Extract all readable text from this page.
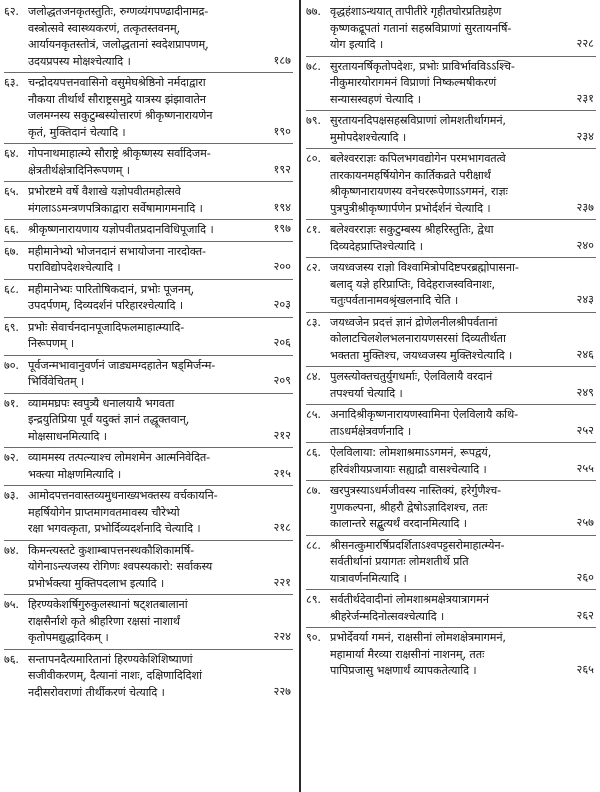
६२. जलोद्धतजनकृतस्तुतिः, रुग्णव्यंगपण्ढादीनामद्र-
वस्त्रोत्सवे स्वास्थ्यकरणं, तत्कृतस्तवनम्,
आर्यायनकृतस्तोत्रं, जलोद्धतानां स्वदेशप्रापणम्,
उदयप्रपस्य मोक्षश्चेत्यादि ।	१८७
६३. चन्द्रोदयपत्तनवासिनो वसुमेघश्रेष्ठिनो नर्मदाद्वारा
नौकया तीर्थार्थं सौराष्ट्रसमुद्रे यात्रस्य झंझावातेन
जलमग्नस्य सकुटुम्बस्योत्तारणं श्रीकृष्णनारायणेन
कृतं, मुक्तिदानं चेत्यादि ।	१९०
६४. गोपनाथमाहात्म्ये सौराष्ट्रे श्रीकृष्णस्य सर्वादिजम-
क्षेत्रतीर्थक्षेत्रादिनिरूपणम् ।	१९२
६५. प्रभोरष्टमे वर्षे वैशाखे यज्ञोपवीतमहोत्सवे
मंगलाऽऽमन्त्रणपत्रिकाद्वारा सर्वेषामागमनादि ।	१९४
६६. श्रीकृष्णनारायणाय यज्ञोपवीतप्रदानविधिपूजादि ।	१९७
६७. महीमानेभ्यो भोजनदानं सभायोजना नारदोक्त-
पराविद्योपदेशश्चेत्यादि ।	२००
६८. महीमानेभ्यः पारितोषिकदानं, प्रभोः पूजनम्,
उपदर्पणम्, दिव्यदर्शनं परिहारश्चेत्यादि ।	२०३
६९. प्रभोः सेवार्चनदानपूजादिफलमाहात्म्यादि-
निरूपणम् ।	२०६
७०. पूर्वजन्मभावानुवर्णनं जाड्यमग्दहातेन षड्मिर्जन्म-
भिर्विवेचितम् ।	२०९
७१. व्याममघ्रपः स्वपुत्र्यै धनालयायै भगवता
इन्द्रयुतिप्रिया पूर्वं यदुक्तं ज्ञानं तद्धूक्तवान्,
मोक्षसाधनमित्यादि ।	२१२
७२. व्याममस्य तत्पत्न्याश्च लोमशमेन आत्मनिवेदित-
भक्त्या मोक्षणमित्यादि ।	२१५
७३. आमोदपत्तनवास्तव्यमुधनाख्यभक्तस्य वर्चकायनि-
महर्षियोगेन प्राप्तमागवतमावस्य चौरेभ्यो
रक्षा भगवत्कृता, प्रभोर्दिव्यदर्शनादि चेत्यादि ।	२१८
७४. किमन्त्यस्तटे कुशाम्बापत्तनस्थकौशिकामर्षि-
योगेनाऽन्त्यजस्य रोगिणः श्वपस्यकारो: सर्वाकस्य
प्रभोर्भक्त्या मुक्तिपदलाभ इत्यादि ।	२२१
७५. हिरण्यकेशर्षिगुरुकुलस्थानां षट्शतबालानां
राक्षसैर्नाशे कृते श्रीहरिणा रक्षसां नाशार्थं
कृतोपमद्युद्धादिकम् ।	२२४
७६. सन्तापनदैत्यमारितानां हिरण्यकेशिशिष्याणां
सजीवीकरणम्, दैत्यानां नाशः, दक्षिणादिदिशां
नदीसरोवराणां तीर्थीकरणं चेत्यादि ।	२२७
७७. वृद्धहंशाऽन्थयात् तापीतीरे गृहीतघोरप्रतिग्रहेण
कृष्णकद्रूपतां गतानां सहस्रविप्राणां सुरतायनर्षि-
योग इत्यादि ।	२२८
७८. सुरतायनर्षिकृतोपदेशः, प्रभोः प्राविर्भावविऽऽश्चि-
नीकुमारयोरागमनं विप्राणां निष्कल्मषीकरणं
सन्यासस्वहणं चेत्यादि ।	२३१
७९. सुरतायनदिपक्षसहस्रविप्राणां लोमशतीर्थागमनं,
मुमोपदेशश्चेत्यादि ।	२३४
८०. बलेश्वरराज्ञः कपिलभगवद्योगेन परमभागवतत्वे
तारकायनमहर्षियोगेन कार्तिकव्रते परीक्षार्थं
श्रीकृष्णनारायणस्य वनेचररूपेणाऽऽगमनं, राज्ञः
पुत्रपुत्रीश्रीकृष्णार्पणेन प्रभोर्दर्शनं चेत्यादि ।	२३७
८१. बलेश्वरराज्ञः सकुटुम्बस्य श्रीहरिस्तुतिः, द्वेधा
दिव्यदेहप्राप्तिश्चेत्यादि ।	२४०
८२. जयध्वजस्य राज्ञो विश्वामित्रोपदिष्टपरब्रह्मोपासना-
बलाद् यज्ञे हरिप्राप्तिः, विदेहराजस्वविनाशः,
चतुःपर्वतानामवश्रृंखलनादि चेति ।	२४३
८३. जयध्वजेन प्रदत्तं ज्ञानं द्रोणेलनीलश्रीपर्वतानां
कोलाटचिलशेलभलनारायणसरसां दिव्यतीर्थता
भक्तता मुक्तिश्च, जयध्वजस्य मुक्तिश्चेत्यादि ।	२४६
८४. पुलस्त्योक्तचतुर्युगधर्माः, ऐलविलायै वरदानं
तपश्चर्या चेत्यादि ।	२४९
८५. अनादिश्रीकृष्णनारायणस्वामिना ऐलविलायै कथि-
ताऽधर्मक्षेत्रवर्णनादि ।	२५२
८६. ऐलविलाया: लोमशाश्रमाऽऽगमनं, रूपद्वयं,
हरिवंशीयप्रजायाः सह्याद्रौ वासश्चेत्यादि ।	२५५
८७. खरपुत्रस्याऽधर्मजीवस्य नास्तिक्यं, हरेर्गुणैश्च-
गुणकल्पना, श्रीहरौ द्वेषोऽज्ञादिशश्च, ततः
कालान्तरे सद्बुत्यर्थं वरदानमित्यादि ।	२५७
८८. श्रीसनत्कुमारर्षिप्रदर्शिताऽश्वपट्टसरोमाहात्म्येन-
सर्वतीर्थानां प्रयागतः लोमशतीर्थे प्रति
यात्रावर्णनमित्यादि ।	२६०
८९. सर्वतीर्थदेवादीनां लोमशाश्रमक्षेत्रयात्रागमनं
श्रीहरेर्जन्मदिनोत्सवश्चेत्यादि ।	२६२
९०. प्रभोर्देवर्या गमनं, राक्षसीनां लोमशक्षेत्रमागमनं,
महामार्या मैरव्या राक्षसीनां नाशनम्, ततः
पापिप्रजासु भक्षणार्थं व्यापकतेत्यादि ।	२६५
